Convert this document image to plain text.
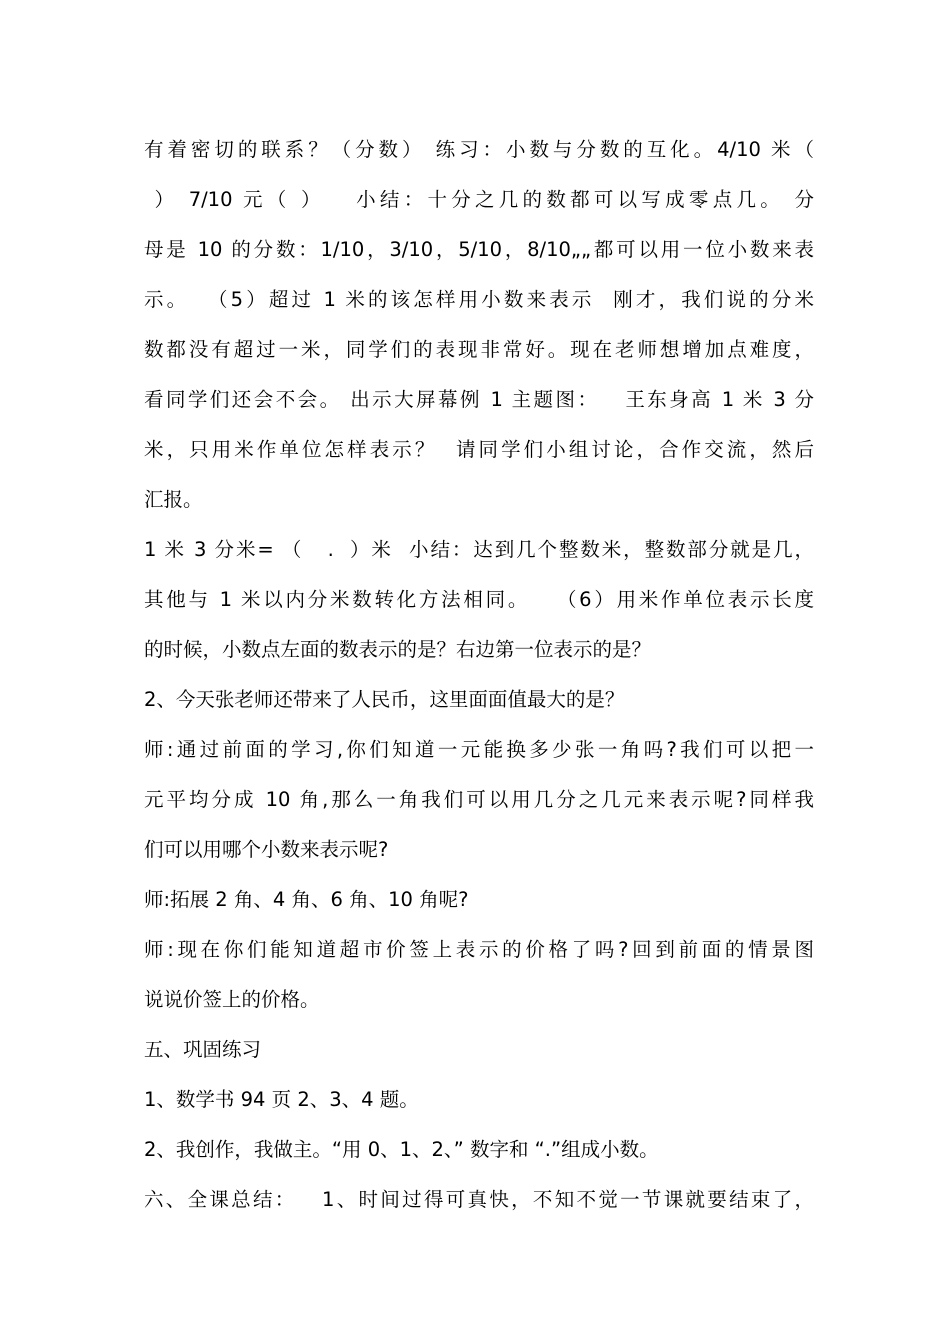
有着密切的联系？（分数） 练习：小数与分数的互化。4/10 米（
） 7/10 元（ ）   小结：十分之几的数都可以写成零点几。 分
母是 10 的分数：1/10，3/10，5/10，8/10„„都可以用一位小数来表
示。  （5）超过 1 米的该怎样用小数来表示  刚才，我们说的分米
数都没有超过一米，同学们的表现非常好。现在老师想增加点难度，
看同学们还会不会。 出示大屏幕例 1 主题图：   王东身高 1 米 3 分
米，只用米作单位怎样表示？  请同学们小组讨论，合作交流，然后
汇报。
1 米 3 分米= （   .  ）米  小结：达到几个整数米，整数部分就是几，
其他与 1 米以内分米数转化方法相同。   （6）用米作单位表示长度
的时候，小数点左面的数表示的是？右边第一位表示的是？
2、今天张老师还带来了人民币，这里面面值最大的是？
师:通过前面的学习,你们知道一元能换多少张一角吗?我们可以把一
元平均分成 10 角,那么一角我们可以用几分之几元来表示呢?同样我
们可以用哪个小数来表示呢?
师:拓展 2 角、4 角、6 角、10 角呢?
师:现在你们能知道超市价签上表示的价格了吗?回到前面的情景图
说说价签上的价格。
五、巩固练习
1、数学书 94 页 2、3、4 题。
2、我创作，我做主。“用 0、1、2、” 数字和 “.”组成小数。
六、全课总结：   1、时间过得可真快，不知不觉一节课就要结束了，
